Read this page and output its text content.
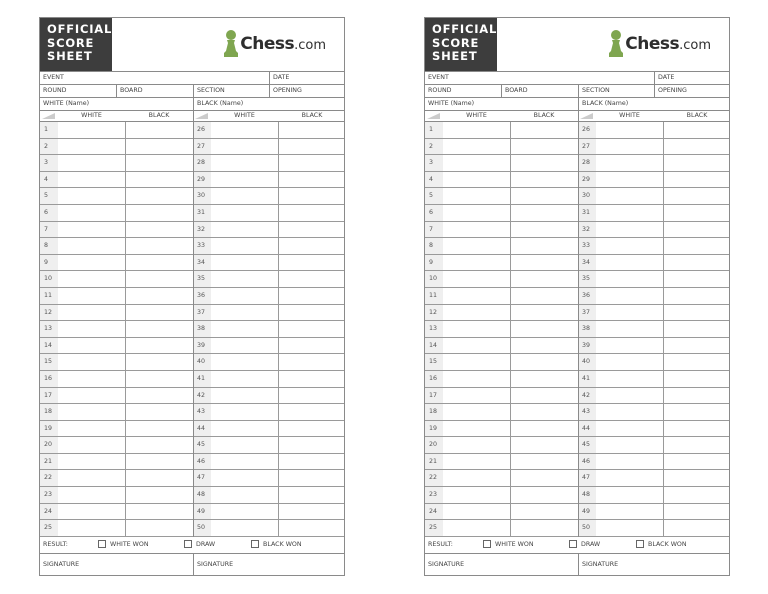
OFFICIAL
SCORE
SHEET
Chess.com
EVENT	DATE
ROUND	BOARD	SECTION	OPENING
WHITE (Name)	BLACK (Name)
WHITE	BLACK	WHITE	BLACK
1	26
2	27
3	28
4	29
5	30
6	31
7	32
8	33
9	34
10	35
11	36
12	37
13	38
14	39
15	40
16	41
17	42
18	43
19	44
20	45
21	46
22	47
23	48
24	49
25	50
RESULT:	WHITE WON	DRAW	BLACK WON
SIGNATURE	SIGNATURE
OFFICIAL
SCORE
SHEET
Chess.com
EVENT	DATE
ROUND	BOARD	SECTION	OPENING
WHITE (Name)	BLACK (Name)
WHITE	BLACK	WHITE	BLACK
1	26
2	27
3	28
4	29
5	30
6	31
7	32
8	33
9	34
10	35
11	36
12	37
13	38
14	39
15	40
16	41
17	42
18	43
19	44
20	45
21	46
22	47
23	48
24	49
25	50
RESULT:	WHITE WON	DRAW	BLACK WON
SIGNATURE	SIGNATURE
